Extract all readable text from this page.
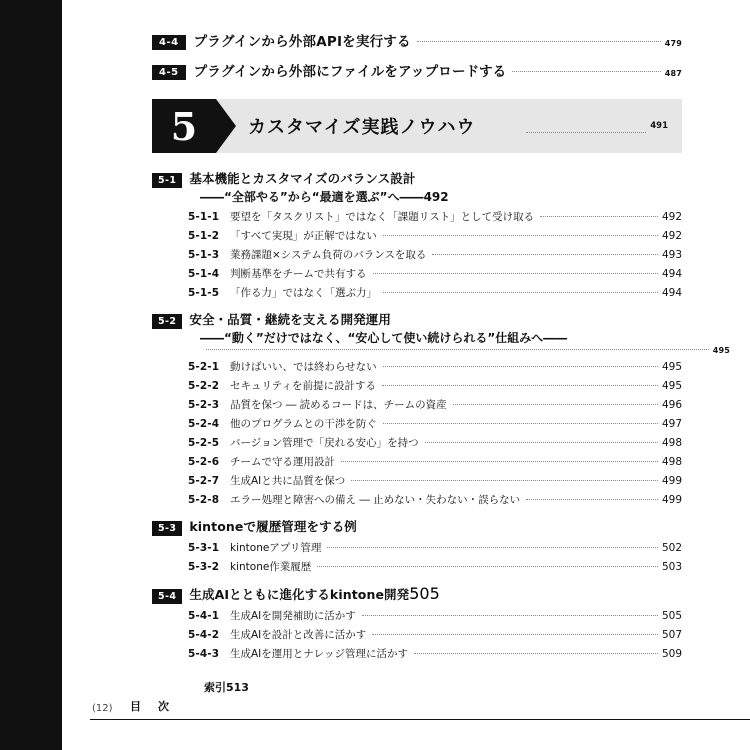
4-4	プラグインから外部APIを実行する	479
4-5	プラグインから外部にファイルをアップロードする	487
5	カスタマイズ実践ノウハウ	491
5-1	基本機能とカスタマイズのバランス設計
――“全部やる”から“最適を選ぶ”へ―― 492
5-1-1	要望を「タスクリスト」ではなく「課題リスト」として受け取る	492
5-1-2	「すべて実現」が正解ではない	492
5-1-3	業務課題×システム負荷のバランスを取る	493
5-1-4	判断基準をチームで共有する	494
5-1-5	「作る力」ではなく「選ぶ力」	494
5-2	安全・品質・継続を支える開発運用
――“動く”だけではなく、“安心して使い続けられる”仕組みへ――
495
5-2-1	動けばいい、では終わらせない	495
5-2-2	セキュリティを前提に設計する	495
5-2-3	品質を保つ ― 読めるコードは、チームの資産	496
5-2-4	他のプログラムとの干渉を防ぐ	497
5-2-5	バージョン管理で「戻れる安心」を持つ	498
5-2-6	チームで守る運用設計	498
5-2-7	生成AIと共に品質を保つ	499
5-2-8	エラー処理と障害への備え ― 止めない・失わない・誤らない	499
5-3	kintoneで履歴管理をする例
5-3-1	kintoneアプリ管理	502
5-3-2	kintone作業履歴	503
5-4	生成AIとともに進化するkintone開発 505
5-4-1	生成AIを開発補助に活かす	505
5-4-2	生成AIを設計と改善に活かす	507
5-4-3	生成AIを運用とナレッジ管理に活かす	509
索引 513
(12) 目　次
